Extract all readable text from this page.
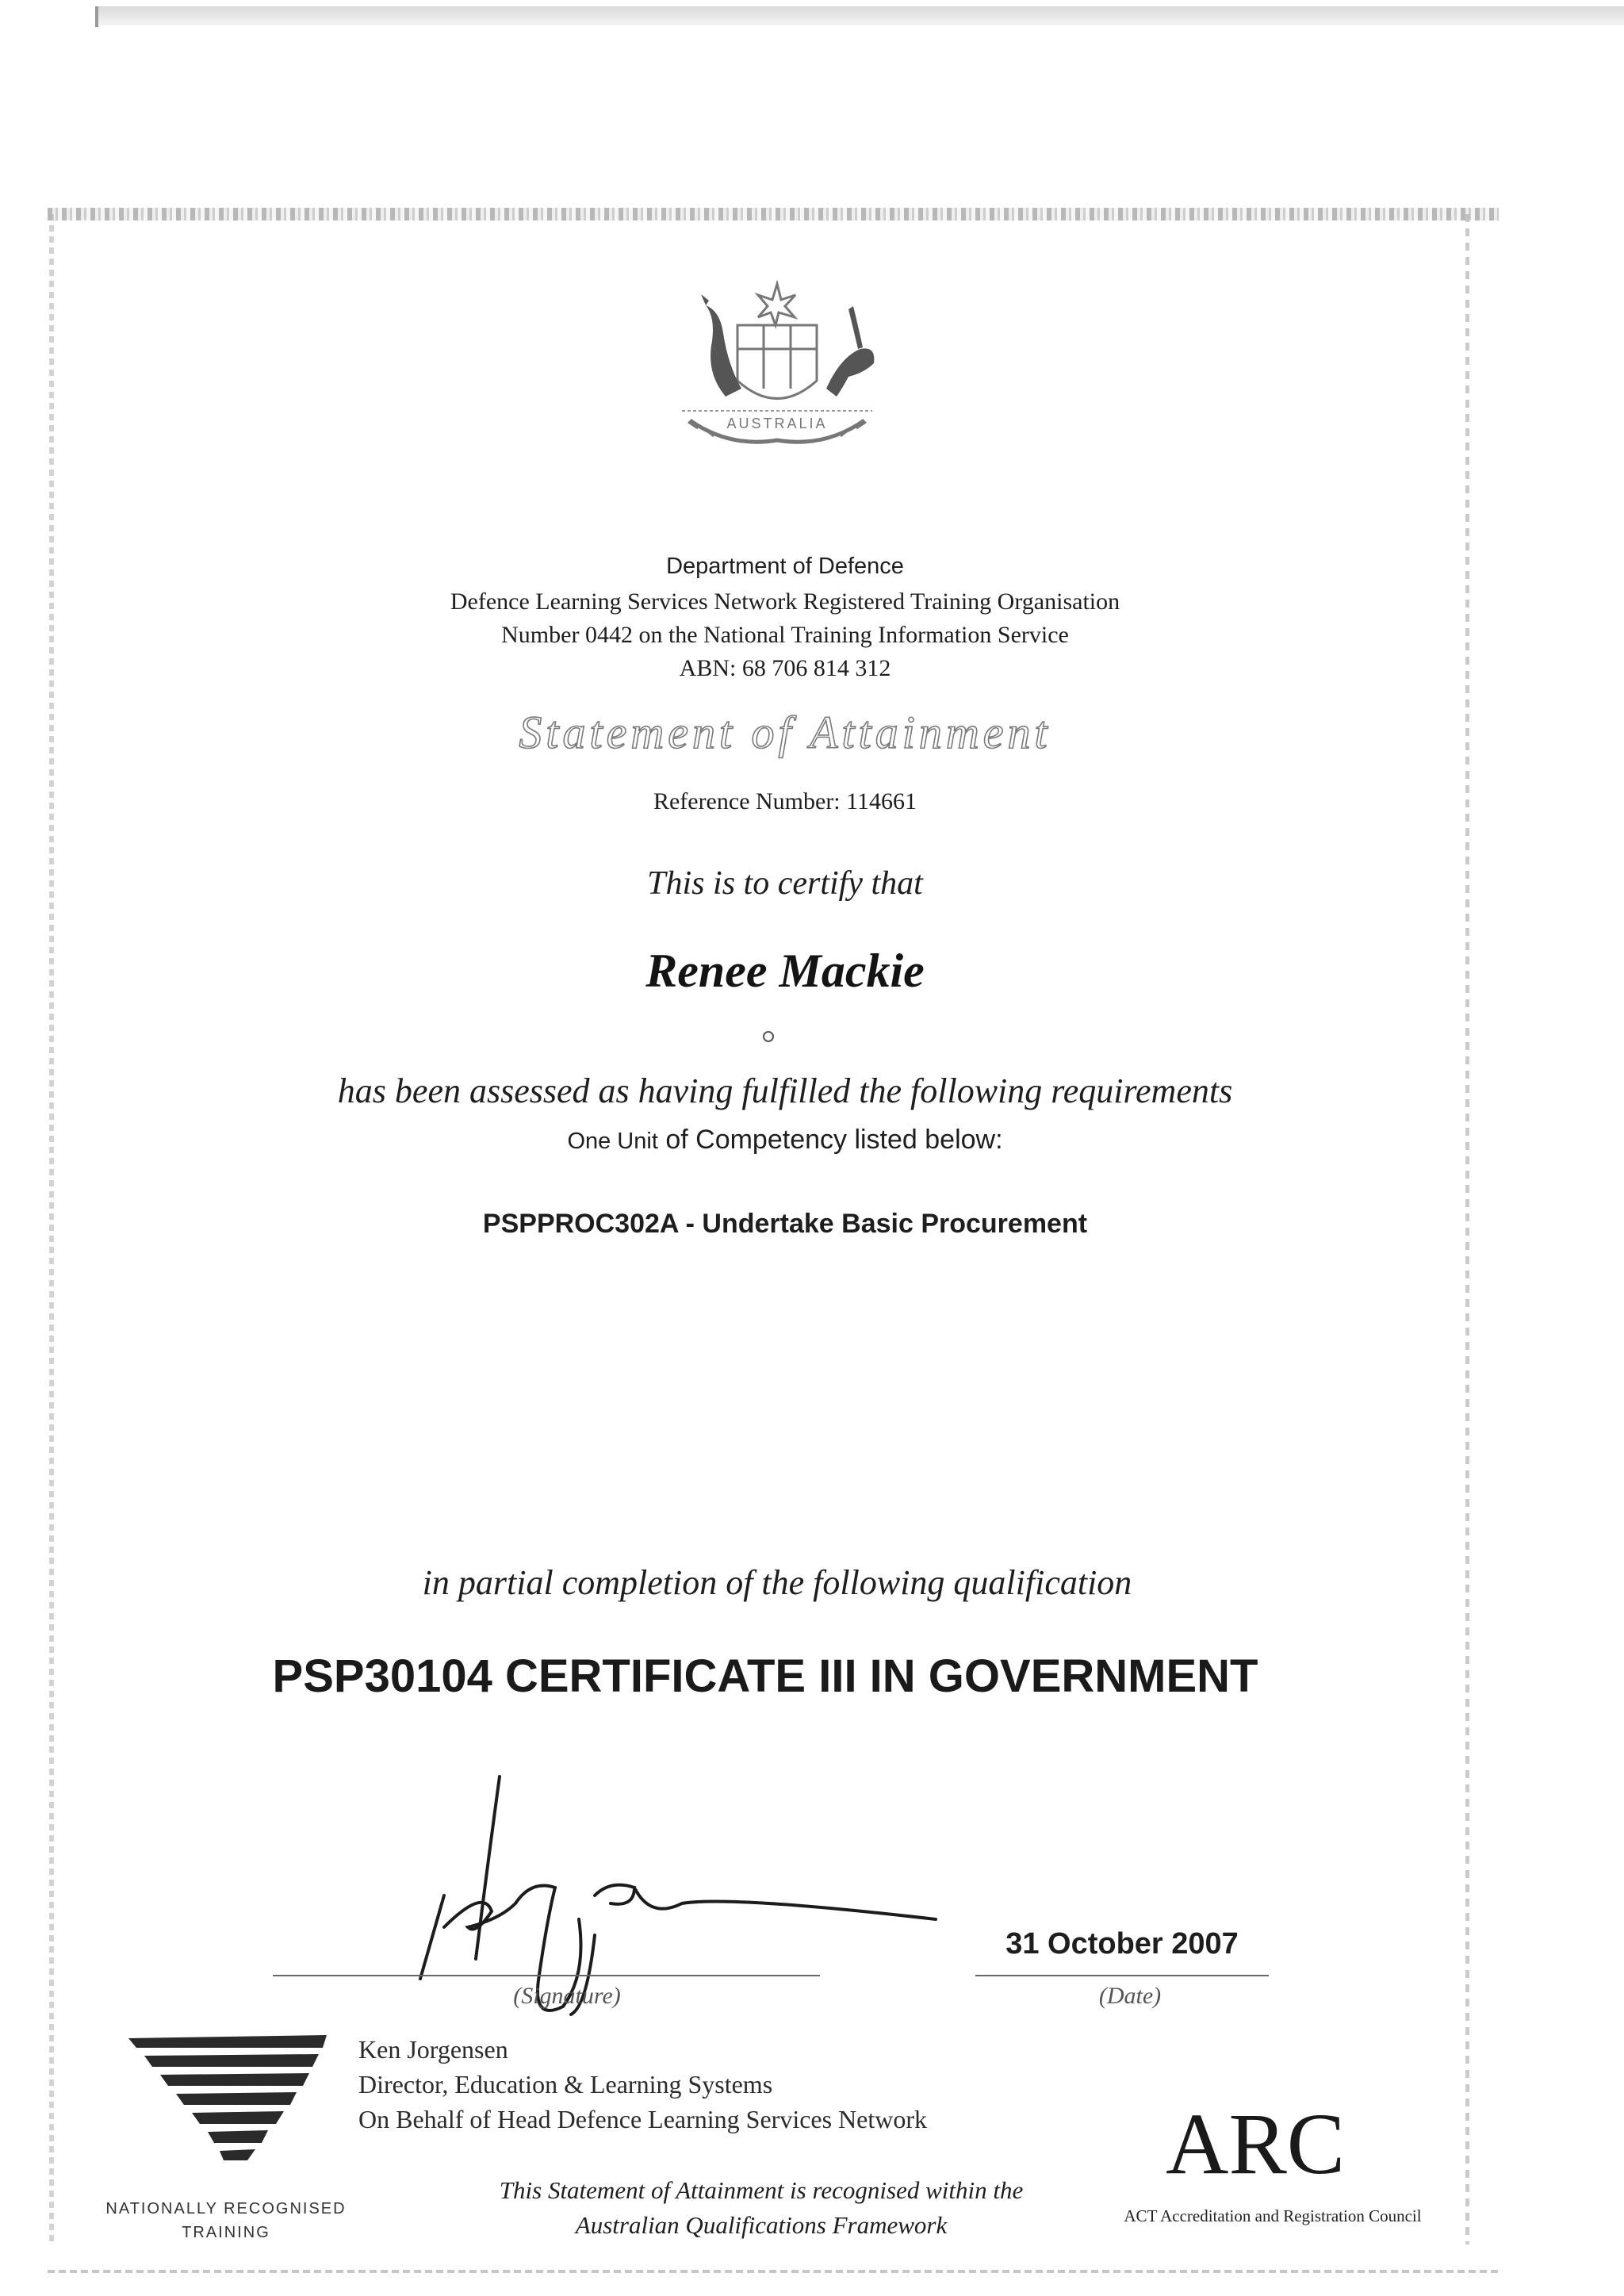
AUSTRALIA
Department of Defence
Defence Learning Services Network Registered Training Organisation
Number 0442 on the National Training Information Service
ABN: 68 706 814 312
Statement of Attainment
Reference Number: 114661
This is to certify that
Renee Mackie
has been assessed as having fulfilled the following requirements
One Unit of Competency listed below:
PSPPROC302A - Undertake Basic Procurement
in partial completion of the following qualification
PSP30104 CERTIFICATE III IN GOVERNMENT
(Signature)
31 October 2007
(Date)
Ken Jorgensen
Director, Education & Learning Systems
On Behalf of Head Defence Learning Services Network
NATIONALLY RECOGNISED
TRAINING
This Statement of Attainment is recognised within the
Australian Qualifications Framework
ARC
ACT Accreditation and Registration Council
